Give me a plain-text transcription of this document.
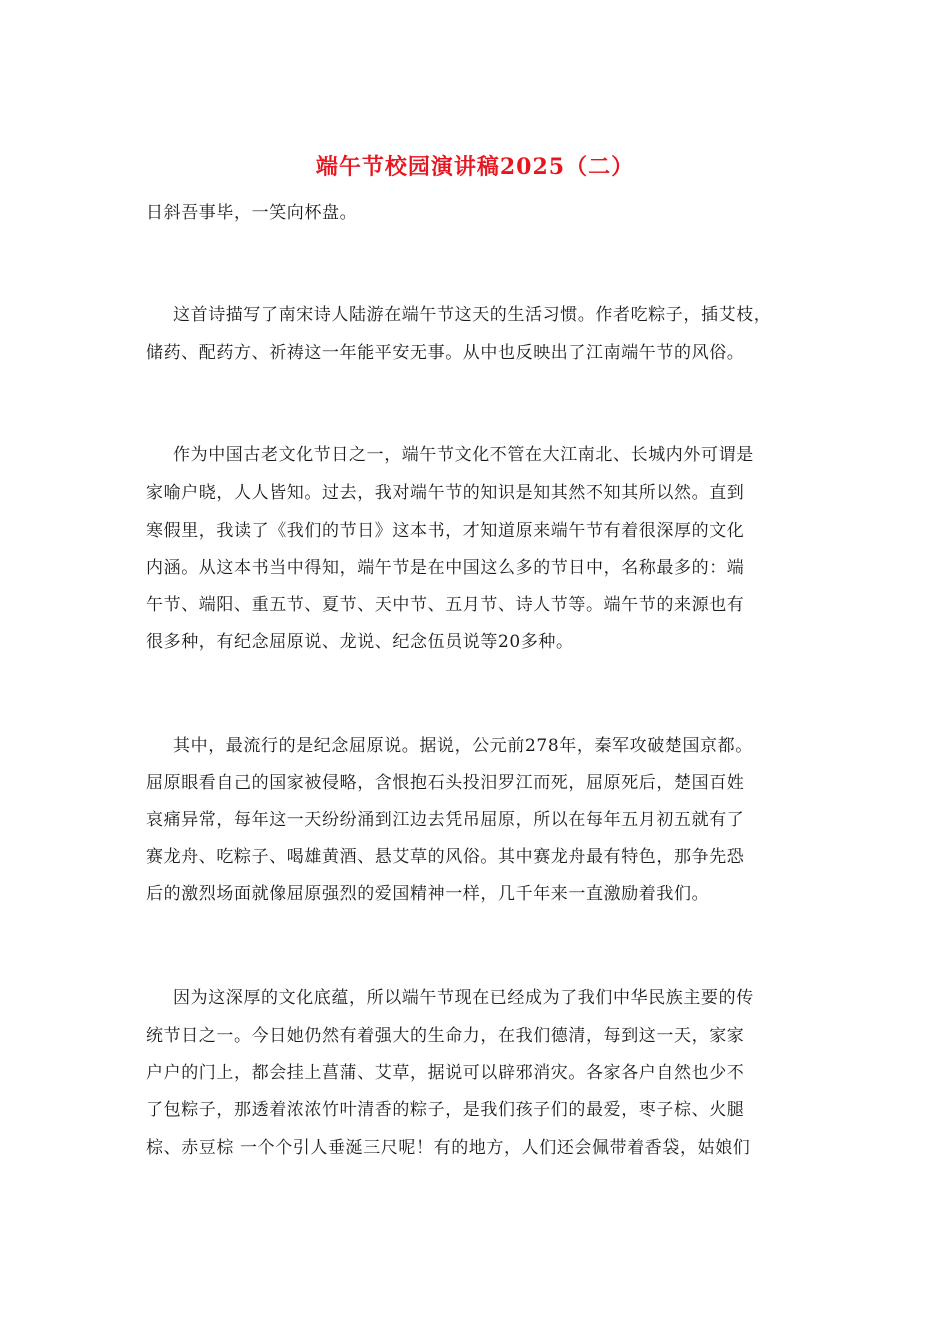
端午节校园演讲稿2025（二）
日斜吾事毕，一笑向杯盘。
这首诗描写了南宋诗人陆游在端午节这天的生活习惯。作者吃粽子，插艾枝，
储药、配药方、祈祷这一年能平安无事。从中也反映出了江南端午节的风俗。
作为中国古老文化节日之一，端午节文化不管在大江南北、长城内外可谓是
家喻户晓，人人皆知。过去，我对端午节的知识是知其然不知其所以然。直到
寒假里，我读了《我们的节日》这本书，才知道原来端午节有着很深厚的文化
内涵。从这本书当中得知，端午节是在中国这么多的节日中，名称最多的：端
午节、端阳、重五节、夏节、天中节、五月节、诗人节等。端午节的来源也有
很多种，有纪念屈原说、龙说、纪念伍员说等20多种。
其中，最流行的是纪念屈原说。据说，公元前278年，秦军攻破楚国京都。
屈原眼看自己的国家被侵略，含恨抱石头投汨罗江而死，屈原死后，楚国百姓
哀痛异常，每年这一天纷纷涌到江边去凭吊屈原，所以在每年五月初五就有了
赛龙舟、吃粽子、喝雄黄酒、悬艾草的风俗。其中赛龙舟最有特色，那争先恐
后的激烈场面就像屈原强烈的爱国精神一样，几千年来一直激励着我们。
因为这深厚的文化底蕴，所以端午节现在已经成为了我们中华民族主要的传
统节日之一。今日她仍然有着强大的生命力，在我们德清，每到这一天，家家
户户的门上，都会挂上菖蒲、艾草，据说可以辟邪消灾。各家各户自然也少不
了包粽子，那透着浓浓竹叶清香的粽子，是我们孩子们的最爱，枣子棕、火腿
棕、赤豆棕 一个个引人垂涎三尺呢！有的地方，人们还会佩带着香袋，姑娘们
